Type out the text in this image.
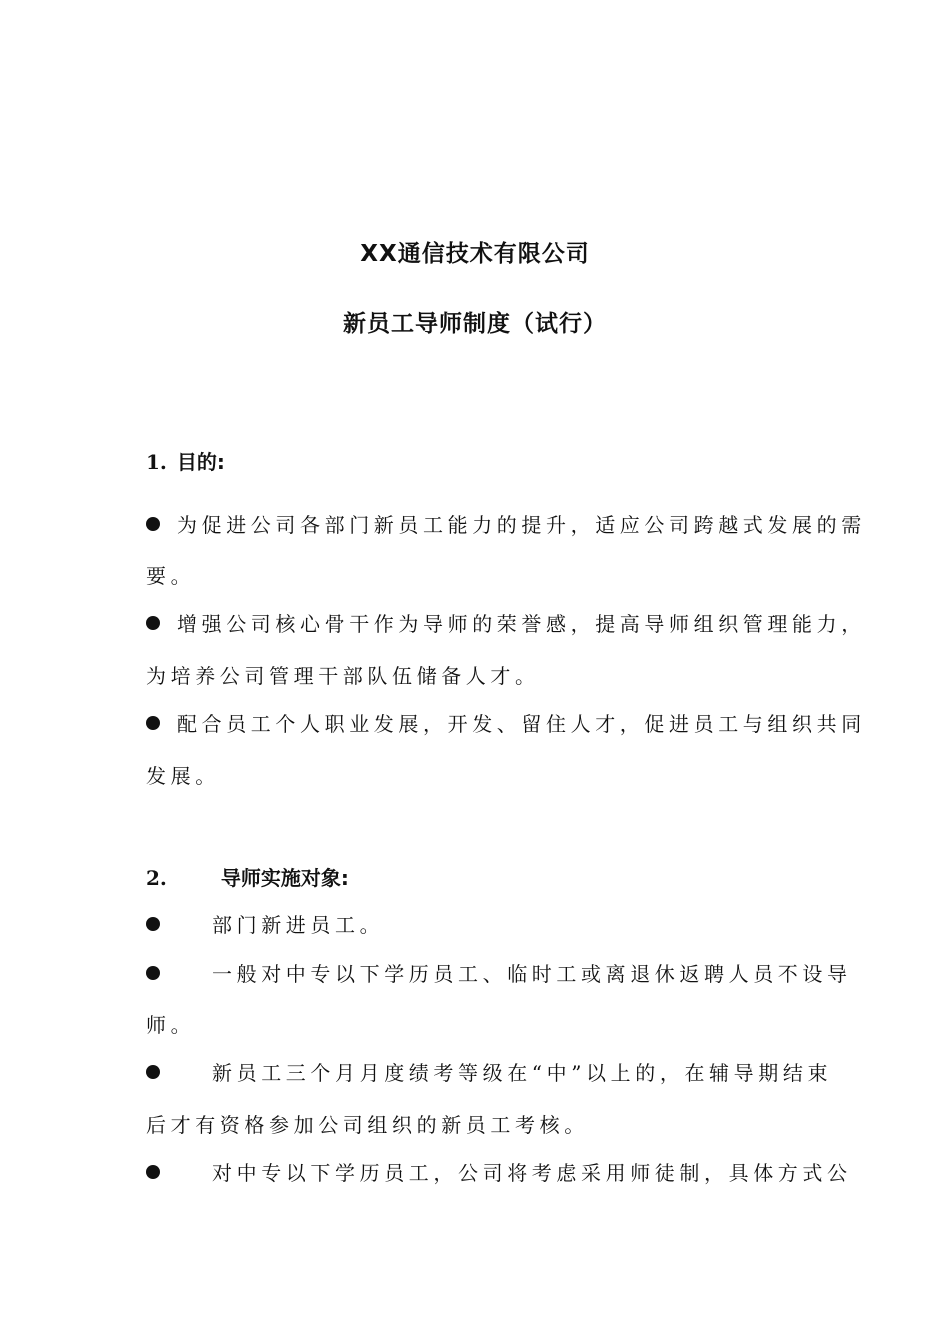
XX通信技术有限公司
新员工导师制度（试行）
1. 目的:
为促进公司各部门新员工能力的提升，适应公司跨越式发展的需
要。
增强公司核心骨干作为导师的荣誉感，提高导师组织管理能力，
为培养公司管理干部队伍储备人才。
配合员工个人职业发展，开发、留住人才，促进员工与组织共同
发展。
2.	导师实施对象:
部门新进员工。
一般对中专以下学历员工、临时工或离退休返聘人员不设导
师。
新员工三个月月度绩考等级在“中”以上的，在辅导期结束
后才有资格参加公司组织的新员工考核。
对中专以下学历员工，公司将考虑采用师徒制，具体方式公
